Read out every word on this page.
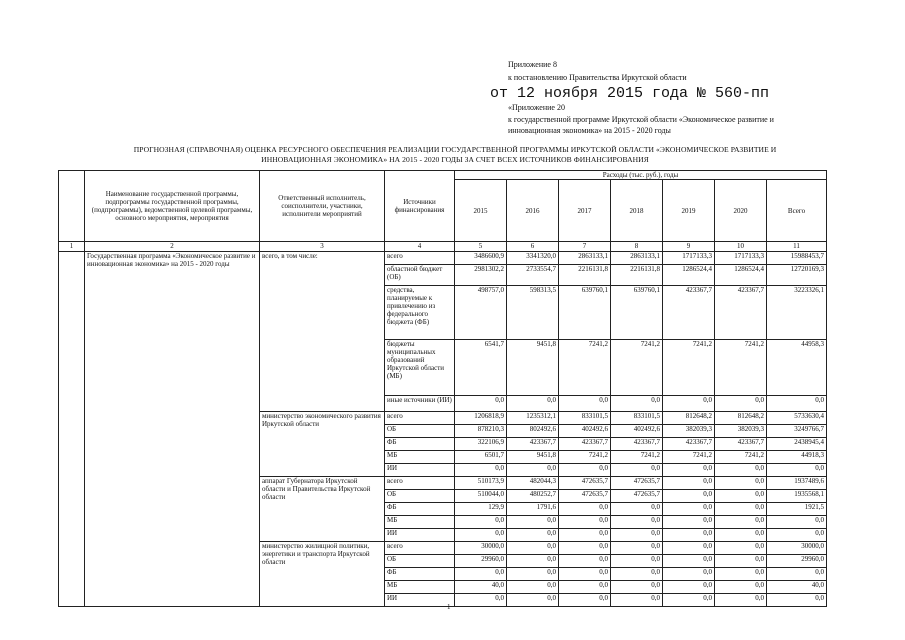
Приложение 8
к постановлению Правительства Иркутской области
от 12 ноября 2015 года № 560-пп
«Приложение 20
к государственной программе Иркутской области «Экономическое развитие и
инновационная экономика» на 2015 - 2020 годы
ПРОГНОЗНАЯ (СПРАВОЧНАЯ) ОЦЕНКА РЕСУРСНОГО ОБЕСПЕЧЕНИЯ РЕАЛИЗАЦИИ ГОСУДАРСТВЕННОЙ ПРОГРАММЫ ИРКУТСКОЙ ОБЛАСТИ «ЭКОНОМИЧЕСКОЕ РАЗВИТИЕ И
ИННОВАЦИОННАЯ ЭКОНОМИКА» НА 2015 - 2020 ГОДЫ ЗА СЧЕТ ВСЕХ ИСТОЧНИКОВ ФИНАНСИРОВАНИЯ
	Наименование государственной программы, подпрограммы государственной программы, (подпрограммы), ведомственной целевой программы, основного мероприятия, мероприятия	Ответственный исполнитель, соисполнители, участники, исполнители мероприятий	Источники финансирования	Расходы (тыс. руб.), годы						
				2015	2016	2017	2018	2019	2020	Всего
1	2	3	4	5	6	7	8	9	10	11
	Государственная программа «Экономическое развитие и инновационная экономика» на 2015 - 2020 годы	всего, в том числе:	всего	3486600,9	3341320,0	2863133,1	2863133,1	1717133,3	1717133,3	15988453,7
			областной бюджет (ОБ)	2981302,2	2733554,7	2216131,8	2216131,8	1286524,4	1286524,4	12720169,3
			средства, планируемые к привлечению из федерального бюджета (ФБ)	498757,0	598313,5	639760,1	639760,1	423367,7	423367,7	3223326,1
			бюджеты муниципальных образований Иркутской области (МБ)	6541,7	9451,8	7241,2	7241,2	7241,2	7241,2	44958,3
			иные источники (ИИ)	0,0	0,0	0,0	0,0	0,0	0,0	0,0
		министерство экономического развития Иркутской области	всего	1206818,9	1235312,1	833101,5	833101,5	812648,2	812648,2	5733630,4
			ОБ	878210,3	802492,6	402492,6	402492,6	382039,3	382039,3	3249766,7
			ФБ	322106,9	423367,7	423367,7	423367,7	423367,7	423367,7	2438945,4
			МБ	6501,7	9451,8	7241,2	7241,2	7241,2	7241,2	44918,3
			ИИ	0,0	0,0	0,0	0,0	0,0	0,0	0,0
		аппарат Губернатора Иркутской области и Правительства Иркутской области	всего	510173,9	482044,3	472635,7	472635,7	0,0	0,0	1937489,6
			ОБ	510044,0	480252,7	472635,7	472635,7	0,0	0,0	1935568,1
			ФБ	129,9	1791,6	0,0	0,0	0,0	0,0	1921,5
			МБ	0,0	0,0	0,0	0,0	0,0	0,0	0,0
			ИИ	0,0	0,0	0,0	0,0	0,0	0,0	0,0
		министерство жилищной политики, энергетики и транспорта Иркутской области	всего	30000,0	0,0	0,0	0,0	0,0	0,0	30000,0
			ОБ	29960,0	0,0	0,0	0,0	0,0	0,0	29960,0
			ФБ	0,0	0,0	0,0	0,0	0,0	0,0	0,0
			МБ	40,0	0,0	0,0	0,0	0,0	0,0	40,0
			ИИ	0,0	0,0	0,0	0,0	0,0	0,0	0,0
1
